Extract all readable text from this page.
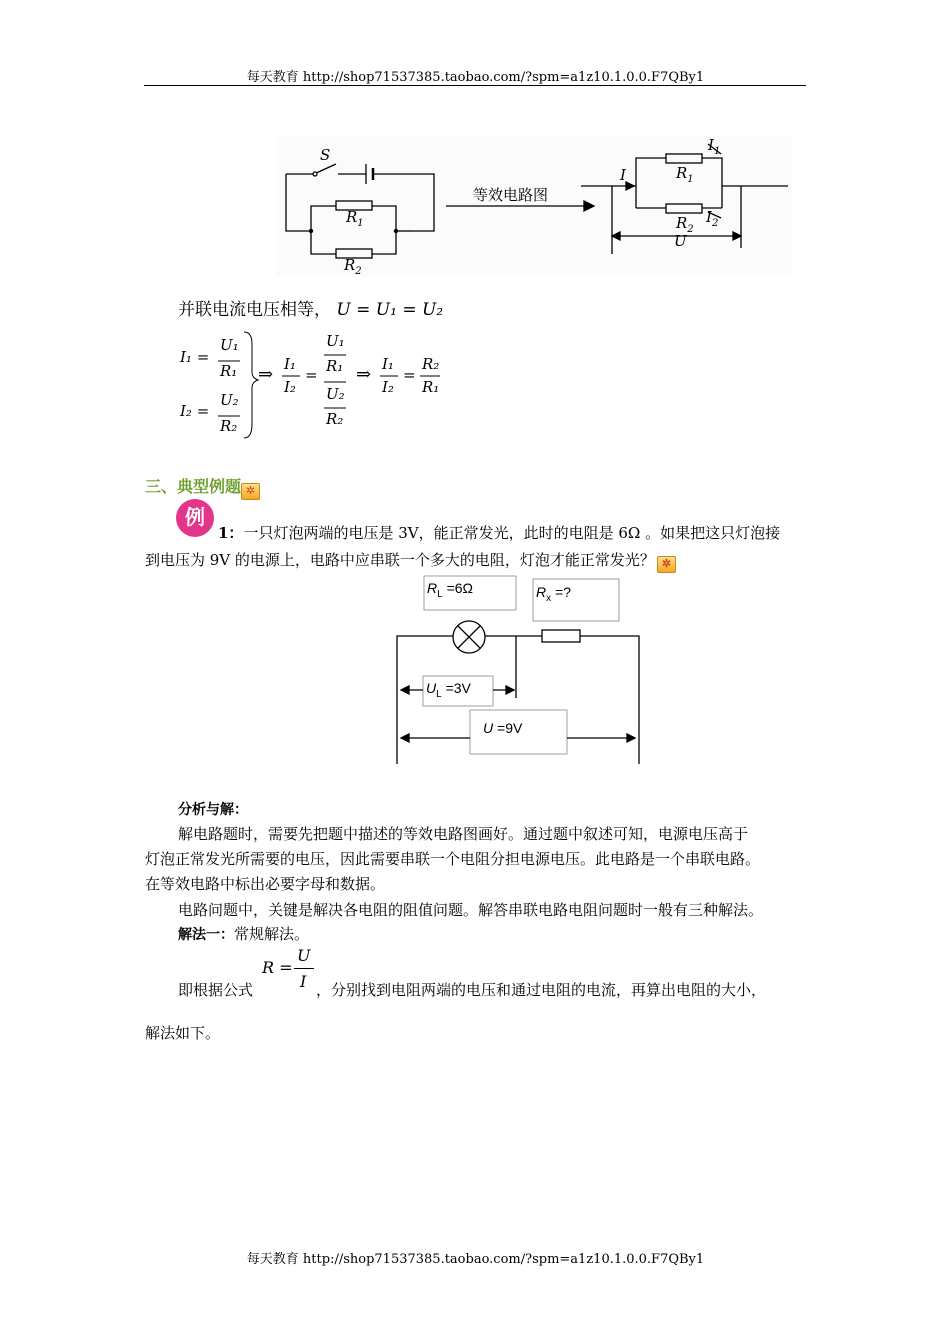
每天教育 http://shop71537385.taobao.com/?spm=a1z10.1.0.0.F7QBy1
S
$R_1$
$R_2$
等效电路图
I
$I_1$
$R_1$
$R_2$
$I_2$
U
并联电流电压相等， U = U₁ = U₂
I₁ =
U₁
R₁
I₂ =
U₂
R₂
⇒ I₁
I₂
=
U₁
R₁
U₂
R₂
⇒ I₁
I₂
=
R₂
R₁
三、典型例题 ✲
例
1：一只灯泡两端的电压是 3V，能正常发光，此时的电阻是 6Ω 。如果把这只灯泡接
到电压为 9V 的电源上，电路中应串联一个多大的电阻，灯泡才能正常发光？ ✲
$R_L =6\Omega$	$R_x$ =?
$U_L =3V$
U =9V
分析与解：
解电路题时，需要先把题中描述的等效电路图画好。通过题中叙述可知，电源电压高于
灯泡正常发光所需要的电压，因此需要串联一个电阻分担电源电压。此电路是一个串联电路。
在等效电路中标出必要字母和数据。
电路问题中，关键是解决各电阻的阻值问题。解答串联电路电阻问题时一般有三种解法。
解法一：常规解法。
即根据公式
R =
U
I ，分别找到电阻两端的电压和通过电阻的电流，再算出电阻的大小，
解法如下。
每天教育 http://shop71537385.taobao.com/?spm=a1z10.1.0.0.F7QBy1
